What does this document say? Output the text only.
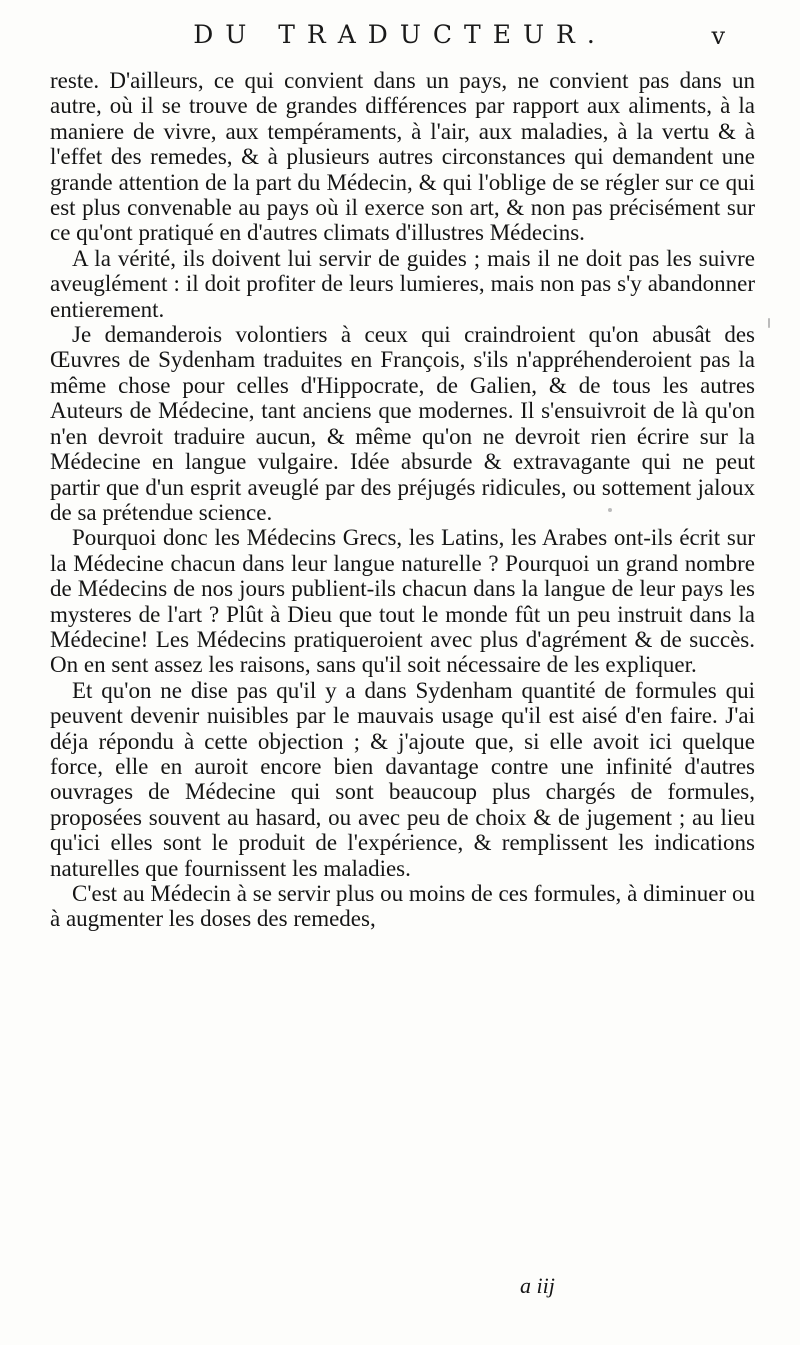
DU TRADUCTEUR.	v

reste. D'ailleurs, ce qui convient dans un pays, ne convient pas dans un autre, où il se trouve de grandes différences par rapport aux aliments, à la maniere de vivre, aux tempéraments, à l'air, aux maladies, à la vertu & à l'effet des remedes, & à plusieurs autres circonstances qui demandent une grande attention de la part du Médecin, & qui l'oblige de se régler sur ce qui est plus convenable au pays où il exerce son art, & non pas précisément sur ce qu'ont pratiqué en d'autres climats d'illustres Médecins.

A la vérité, ils doivent lui servir de guides ; mais il ne doit pas les suivre aveuglément : il doit profiter de leurs lumieres, mais non pas s'y abandonner entierement.

Je demanderois volontiers à ceux qui craindroient qu'on abusât des Œuvres de Sydenham traduites en François, s'ils n'appréhenderoient pas la même chose pour celles d'Hippocrate, de Galien, & de tous les autres Auteurs de Médecine, tant anciens que modernes. Il s'ensuivroit de là qu'on n'en devroit traduire aucun, & même qu'on ne devroit rien écrire sur la Médecine en langue vulgaire. Idée absurde & extravagante qui ne peut partir que d'un esprit aveuglé par des préjugés ridicules, ou sottement jaloux de sa prétendue science.

Pourquoi donc les Médecins Grecs, les Latins, les Arabes ont-ils écrit sur la Médecine chacun dans leur langue naturelle ? Pourquoi un grand nombre de Médecins de nos jours publient-ils chacun dans la langue de leur pays les mysteres de l'art ? Plût à Dieu que tout le monde fût un peu instruit dans la Médecine! Les Médecins pratiqueroient avec plus d'agrément & de succès. On en sent assez les raisons, sans qu'il soit nécessaire de les expliquer.

Et qu'on ne dise pas qu'il y a dans Sydenham quantité de formules qui peuvent devenir nuisibles par le mauvais usage qu'il est aisé d'en faire. J'ai déja répondu à cette objection ; & j'ajoute que, si elle avoit ici quelque force, elle en auroit encore bien davantage contre une infinité d'autres ouvrages de Médecine qui sont beaucoup plus chargés de formules, proposées souvent au hasard, ou avec peu de choix & de jugement ; au lieu qu'ici elles sont le produit de l'expérience, & remplissent les indications naturelles que fournissent les maladies.

C'est au Médecin à se servir plus ou moins de ces formules, à diminuer ou à augmenter les doses des remedes,

a iij
